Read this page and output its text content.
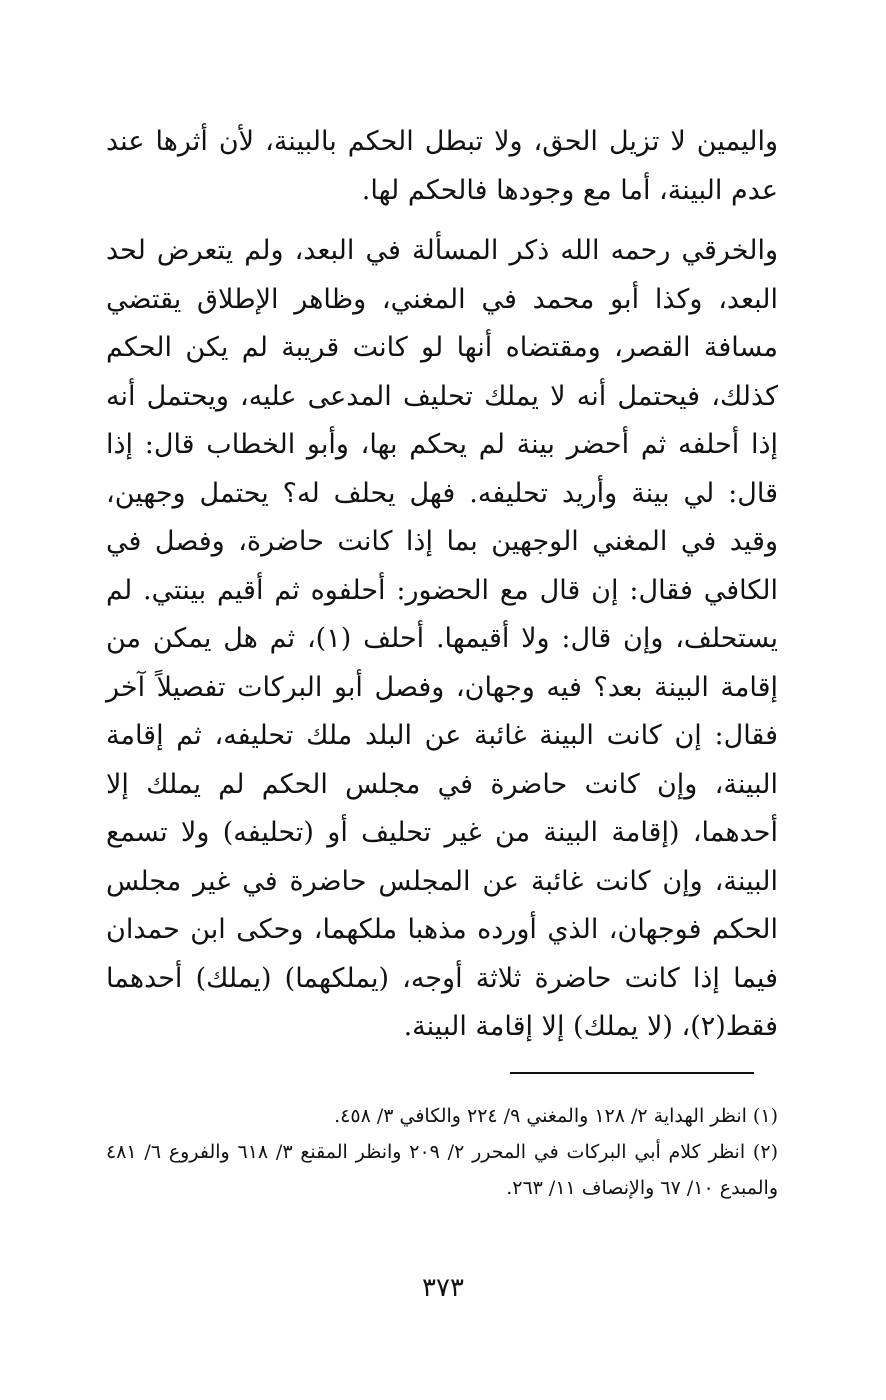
واليمين لا تزيل الحق، ولا تبطل الحكم بالبينة، لأن أثرها عند عدم البينة، أما مع وجودها فالحكم لها.

والخرقي رحمه الله ذكر المسألة في البعد، ولم يتعرض لحد البعد، وكذا أبو محمد في المغني، وظاهر الإطلاق يقتضي مسافة القصر، ومقتضاه أنها لو كانت قريبة لم يكن الحكم كذلك، فيحتمل أنه لا يملك تحليف المدعى عليه، ويحتمل أنه إذا أحلفه ثم أحضر بينة لم يحكم بها، وأبو الخطاب قال: إذا قال: لي بينة وأريد تحليفه. فهل يحلف له؟ يحتمل وجهين، وقيد في المغني الوجهين بما إذا كانت حاضرة، وفصل في الكافي فقال: إن قال مع الحضور: أحلفوه ثم أقيم بينتي. لم يستحلف، وإن قال: ولا أقيمها. أحلف (١)، ثم هل يمكن من إقامة البينة بعد؟ فيه وجهان، وفصل أبو البركات تفصيلاً آخر فقال: إن كانت البينة غائبة عن البلد ملك تحليفه، ثم إقامة البينة، وإن كانت حاضرة في مجلس الحكم لم يملك إلا أحدهما، (إقامة البينة من غير تحليف أو (تحليفه) ولا تسمع البينة، وإن كانت غائبة عن المجلس حاضرة في غير مجلس الحكم فوجهان، الذي أورده مذهبا ملكهما، وحكى ابن حمدان فيما إذا كانت حاضرة ثلاثة أوجه، (يملكهما) (يملك) أحدهما فقط(٢)، (لا يملك) إلا إقامة البينة.

(١) انظر الهداية ٢/ ١٢٨ والمغني ٩/ ٢٢٤ والكافي ٣/ ٤٥٨.

(٢) انظر كلام أبي البركات في المحرر ٢/ ٢٠٩ وانظر المقنع ٣/ ٦١٨ والفروع ٦/ ٤٨١ والمبدع ١٠/ ٦٧ والإنصاف ١١/ ٢٦٣.

٣٧٣
